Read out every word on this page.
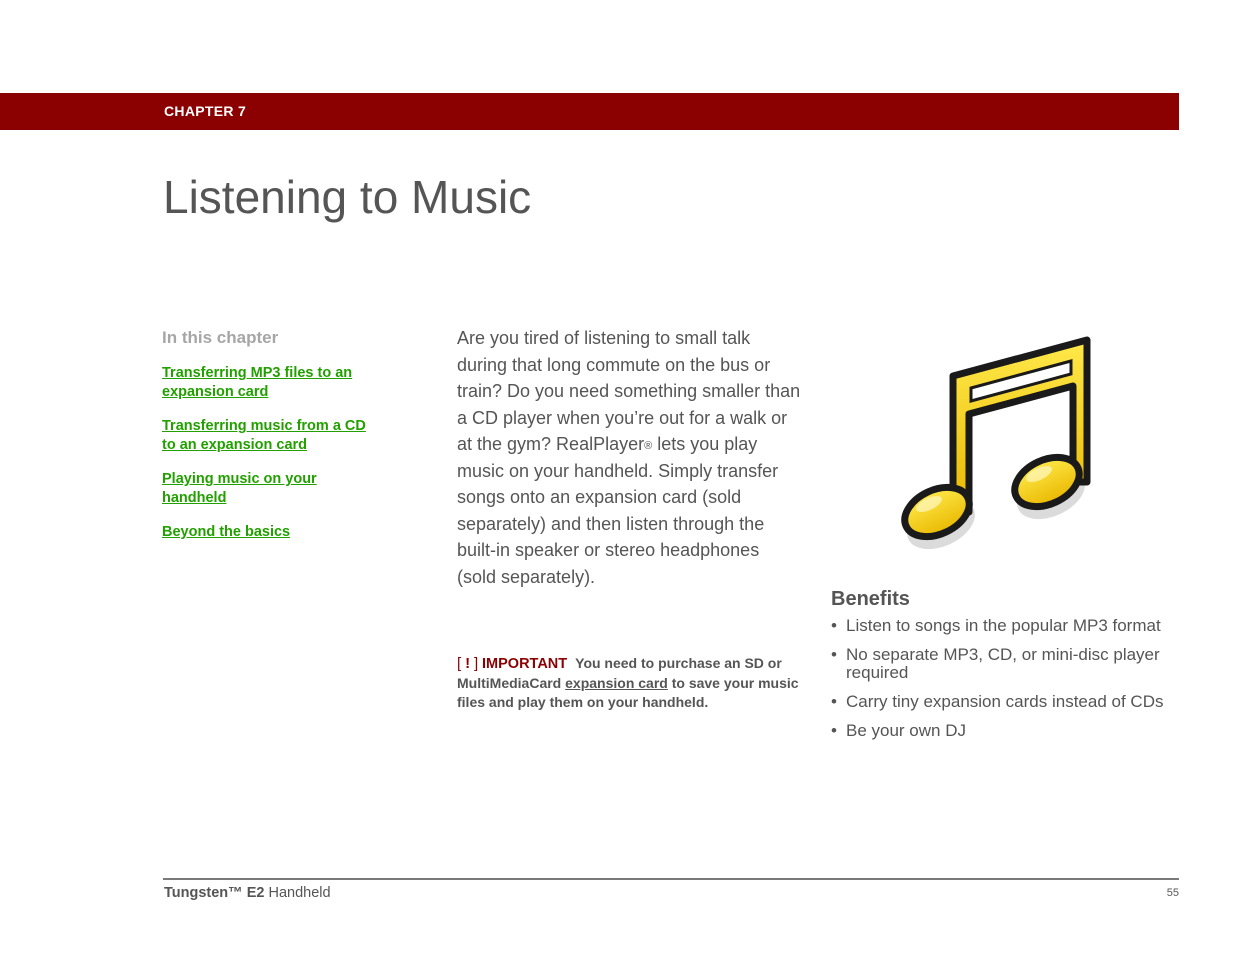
CHAPTER 7
Listening to Music
In this chapter
Transferring MP3 files to an expansion card
Transferring music from a CD to an expansion card
Playing music on your handheld
Beyond the basics

Are you tired of listening to small talk during that long commute on the bus or train? Do you need something smaller than a CD player when you’re out for a walk or at the gym? RealPlayer® lets you play music on your handheld. Simply transfer songs onto an expansion card (sold separately) and then listen through the built-in speaker or stereo headphones (sold separately).

[ ! ] IMPORTANT You need to purchase an SD or MultiMediaCard expansion card to save your music files and play them on your handheld.
Benefits
• Listen to songs in the popular MP3 format
• No separate MP3, CD, or mini-disc player required
• Carry tiny expansion cards instead of CDs
• Be your own DJ
Tungsten™ E2 Handheld	55
